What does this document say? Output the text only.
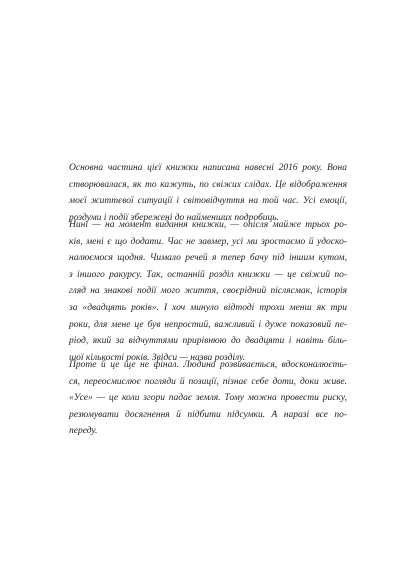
Основна частина цієї книжки написана навесні 2016 року. Вона
створювалася, як то кажуть, по свіжих слідах. Це відображення
моєї життєвої ситуації і світовідчуття на той час. Усі емоції,
роздуми і події збережені до найменших подробиць.

Нині — на момент видання книжки, — опісля майже трьох ро-
ків, мені є що додати. Час не завмер, усі ми зростаємо й удоско-
налюємося щодня. Чимало речей я тепер бачу під іншим кутом,
з іншого ракурсу. Так, останній розділ книжки — це свіжий по-
гляд на знакові події мого життя, своєрідний післясмак, історія
за «двадцять років». І хоч минуло відтоді трохи менш як три
роки, для мене це був непростий, важливий і дуже показовий пе-
ріод, який за відчуттями прирівнюю до двадцяти і навіть біль-
шої кількості років. Звідси — назва розділу.

Проте й це ще не фінал. Людина розвивається, вдосконалюєть-
ся, переосмислює погляди й позиції, пізнає себе доти, доки живе.
«Усе» — це коли згори падає земля. Тому можна провести риску,
резюмувати досягнення й підбити підсумки. А наразі все по-
переду.
